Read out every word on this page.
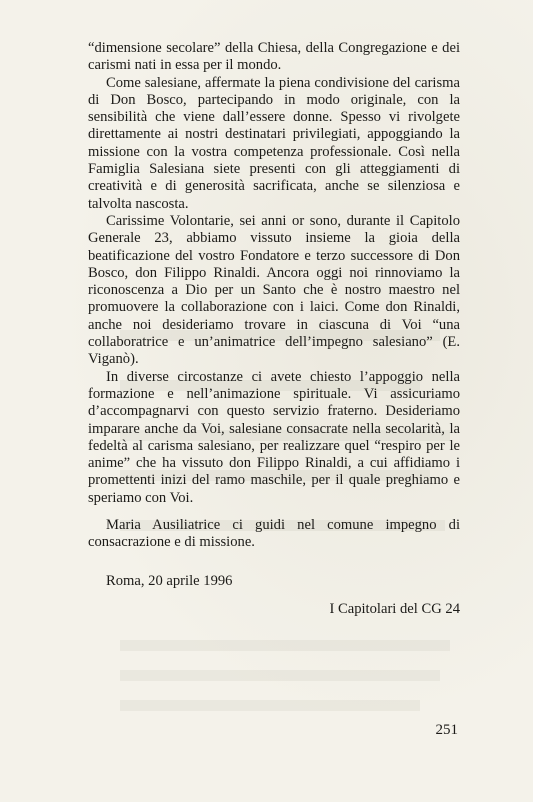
“dimensione secolare” della Chiesa, della Congregazione e dei carismi nati in essa per il mondo.

Come salesiane, affermate la piena condivisione del carisma di Don Bosco, partecipando in modo originale, con la sensibilità che viene dall’essere donne. Spesso vi rivolgete direttamente ai nostri destinatari privilegiati, appoggiando la missione con la vostra competenza professionale. Così nella Famiglia Salesiana siete presenti con gli atteggiamenti di creatività e di generosità sacrificata, anche se silenziosa e talvolta nascosta.

Carissime Volontarie, sei anni or sono, durante il Capitolo Generale 23, abbiamo vissuto insieme la gioia della beatificazione del vostro Fondatore e terzo successore di Don Bosco, don Filippo Rinaldi. Ancora oggi noi rinnoviamo la riconoscenza a Dio per un Santo che è nostro maestro nel promuovere la collaborazione con i laici. Come don Rinaldi, anche noi desideriamo trovare in ciascuna di Voi “una collaboratrice e un’animatrice dell’impegno salesiano” (E. Viganò).

In diverse circostanze ci avete chiesto l’appoggio nella formazione e nell’animazione spirituale. Vi assicuriamo d’accompagnarvi con questo servizio fraterno. Desideriamo imparare anche da Voi, salesiane consacrate nella secolarità, la fedeltà al carisma salesiano, per realizzare quel “respiro per le anime” che ha vissuto don Filippo Rinaldi, a cui affidiamo i promettenti inizi del ramo maschile, per il quale preghiamo e speriamo con Voi.

Maria Ausiliatrice ci guidi nel comune impegno di consacrazione e di missione.

Roma, 20 aprile 1996
I Capitolari del CG 24
251
